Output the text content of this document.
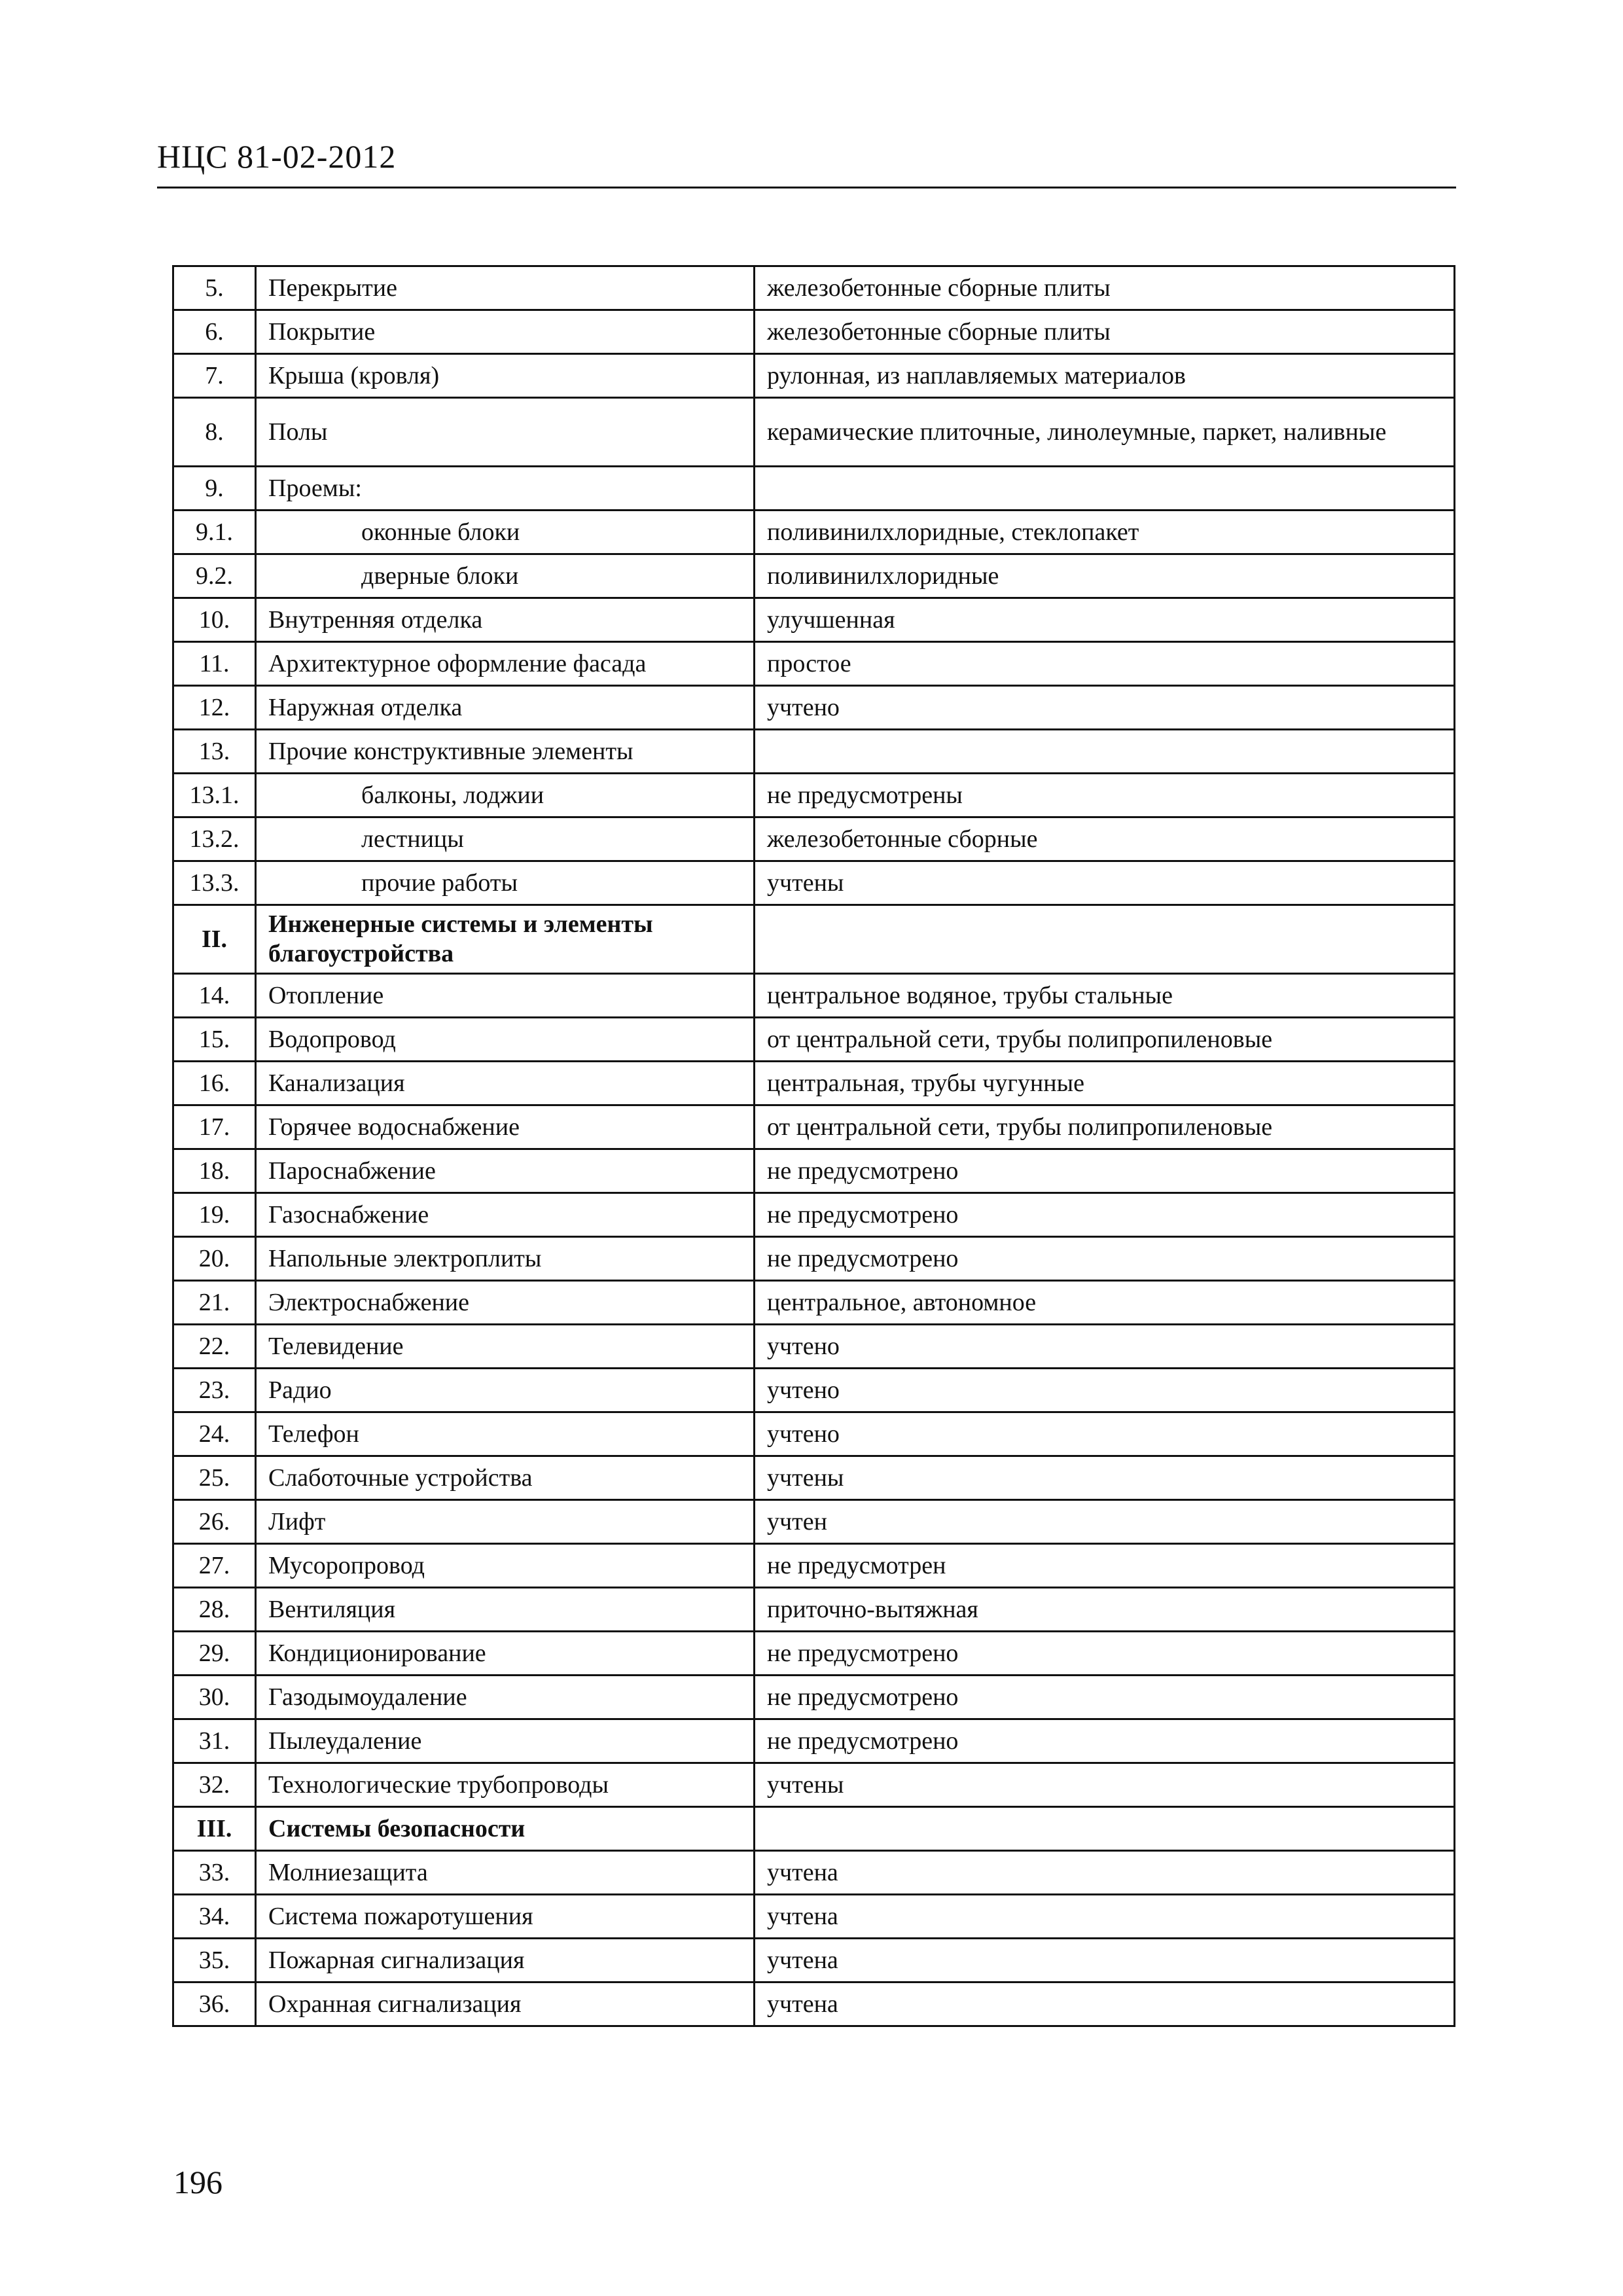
НЦС 81-02-2012
5.	Перекрытие	железобетонные сборные плиты
6.	Покрытие	железобетонные сборные плиты
7.	Крыша (кровля)	рулонная, из наплавляемых материалов
8.	Полы	керамические плиточные, линолеумные, паркет, наливные
9.	Проемы:	
9.1.	оконные блоки	поливинилхлоридные, стеклопакет
9.2.	дверные блоки	поливинилхлоридные
10.	Внутренняя отделка	улучшенная
11.	Архитектурное оформление фасада	простое
12.	Наружная отделка	учтено
13.	Прочие конструктивные элементы	
13.1.	балконы, лоджии	не предусмотрены
13.2.	лестницы	железобетонные сборные
13.3.	прочие работы	учтены
II.	Инженерные системы и элементы благоустройства	
14.	Отопление	центральное водяное, трубы стальные
15.	Водопровод	от центральной сети, трубы полипропиленовые
16.	Канализация	центральная, трубы чугунные
17.	Горячее водоснабжение	от центральной сети, трубы полипропиленовые
18.	Пароснабжение	не предусмотрено
19.	Газоснабжение	не предусмотрено
20.	Напольные электроплиты	не предусмотрено
21.	Электроснабжение	центральное, автономное
22.	Телевидение	учтено
23.	Радио	учтено
24.	Телефон	учтено
25.	Слаботочные устройства	учтены
26.	Лифт	учтен
27.	Мусоропровод	не предусмотрен
28.	Вентиляция	приточно-вытяжная
29.	Кондиционирование	не предусмотрено
30.	Газодымоудаление	не предусмотрено
31.	Пылеудаление	не предусмотрено
32.	Технологические трубопроводы	учтены
III.	Системы безопасности	
33.	Молниезащита	учтена
34.	Система пожаротушения	учтена
35.	Пожарная сигнализация	учтена
36.	Охранная сигнализация	учтена
196
